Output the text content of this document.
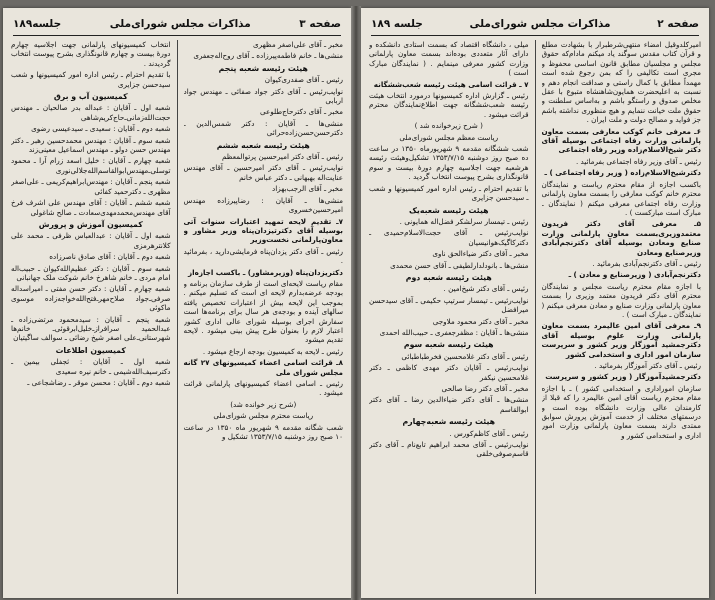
صفحه ۳
مذاکرات مجلس شورای‌ملی
جلسه۱۸۹

مخبر ـ آقای علی‌اصغر مظهری

منشی‌ها ـ خانم فاطمه‌پیرزاده ـ آقای روح‌اله‌جعفری

هیئت رئیسه شعبه پنجم

رئیس ـ آقای صفدری‌کیوان

نوایب‌رئیس ـ آقای دکتر جواد صفائی ـ مهندس جواد اربابی

مخبر ـ آقای دکترحاج‌طلوعی

منشی‌ها ـ آقایان : دکتر شمس‌الدین ـ دکترحسن‌حسن‌زاده‌حرائی

هیئت رئیسه شعبه ششم

رئیس ـ آقای دکتر امیرحسین پرتوالمعظم

نوایب‌رئیس ـ آقای دکتر امیرحسین ـ آقای مهندس عنایت‌اله بهبهانی ـ دکتر عباس خانم

مخبر ـ آقای الرجب‌بهزاد

منشی‌ها ـ آقایان : رضاپیرزاده مهندس امیرحسین‌خسروی

۷ـ تقدیم لایحه تمهید اعتبارات سنوات آتی بوسیله آقای دکترتیزدان‌پناه وزیر مشاور و معاون‌پارلمانی نخست‌وزیر

رئیس ـ آقای دکتر یزدان‌پناه فرمایشی‌دارید ، بفرمائید .

دکتریزدان‌پناه (وزیرمشاور) ـ باکسب اجازه‌از

مقام ریاست لایحه‌ای است از طرف سازمان برنامه و بودجه عرضه‌بدارم لایحه ای است که تسلیم میکنم . بموجب این لایحه بیش از اعتبارات تخصیص یافته سالهای آینده و بودجه‌ی هر سال برای برنامه‌ها است سفارش اجرای بوسیله شورای عالی اداری کشور اعتبار لازم را بعنوان طرح پیش بینی میشود . لایحه تقدیم میشود

رئیس ـ لایحه به کمیسیون بودجه ارجاع میشود .

۸ـ قرائت اسامی اعضاء کمیسیونهای ۲۷ گانه مجلس شورای ملی

رئیس ـ اسامی اعضاء کمیسیونهای پارلمانی قرائت میشود .

(شرح زیر خوانده شد)

ریاست محترم مجلس شورای‌ملی

شعب شگانه مقدمه ۹ شهریور ماه ۱۳۵۰ در ساعت ۱۰ صبح روز دوشنبه ۱۳۵۳/۷/۱۵ تشکیل و

انتخاب کمیسیونهای پارلمانی جهت اجلاسیه چهارم دورهٔ بیست و چهارم قانونگذاری بشرح پیوست انتخاب گردیدند .

با تقدیم احترام ـ رئیس اداره امور کمیسیونها و شعب سیدحسن جزایری

کمیسیون آب و برق

شعبه اول ـ آقایان : عبداله بدر صالحیان ـ مهندس حجت‌الله‌زمانی‌ـ‌حاج‌کریم‌شاهی

شعبه دوم ـ آقایان : سعیدی ـ سیدعیسی رضوی

شعبه سوم ـ آقایان : مهندس محمدحسین رهبر ـ دکتر مهندس حسن دولو ـ مهندس اسماعیل معینی‌زند

شعبه چهارم ـ آقایان : خلیل اسعد زرام آرا ـ محمود توسلی‌ـ‌مهندس‌ابوالقاسم‌الله‌جلالی‌نوری

شعبه پنجم ـ آقایان : مهندس‌ابراهیم‌کریمی ـ علی‌اصغر مظهری ـ دکترحمید کفائی

شعبه ششم ـ آقایان : آقای مهندس علی اشرف فرخ آقای مهندس‌محمدمهدی‌سعادت ـ صالح شاغولی

کمیسیون آموزش و پرورش

شعبه اول ـ آقایان : عبدالعباس ظرفی ـ محمد علی کلانترهرمزی

شعبه دوم ـ آقایان : آقای صادق ناصرزاده

شعبه سوم ـ آقایان : دکتر عظیم‌الله‌کیوان ـ حبیب‌اله امام مردی ـ خانم شاهرخ خانم شوکت ملک جهانبانی

شعبه چهارم ـ آقایان : دکتر حسن مفتی ـ امیراسداله صرفی‌ـ‌جواد صلاح‌مهر‌ـ‌فتح‌الله‌خواجه‌زاده موسوی ماکوئی

شعبه پنجم ـ آقایان : سیدمحمود مرتضی‌زاده ـ عبدالحمید سرافراز‌ـ‌خلیل‌ابرقوئی‌ـ خانم‌ها شهرستانی‌ـ‌علی اصغر شیخ رضائی ـ سوالف ساگیتیان

کمیسیون اطلاعات

شعبه اول ـ آقایان : ثجفلی بیمین ـ دکترسیف‌الله‌شیمی ـ خانم نیره سعیدی

شعبه دوم ـ آقایان : محسن موقر ـ رضاشجاعی ـ

صفحه ۲
مذاکرات مجلس شورای‌ملی
جلسه ۱۸۹

امیرکلدوقیل امضاء منتهی‌شرطبرار با بشهادت مطلع و قرآن کتاب مقدس سوگند یاد میکنم مادام‌که حقوق مجلس و مجلسیان مطابق قانون اساسی محفوظ و مجری است تکالیفی‌ را که بمن‌ رجوع شده است مهمداً مطابق‌ با کمال راستی‌ و صداقت انجام‌ دهم و نسبت‌ به‌ اعلیحضرت همایون‌شاهنشاه متبوع با عقل مخلص صدوق و راستگو باشم‌ و‌ به‌اساس‌ سلطنت و‌ حقوق‌ ملت‌ خیانت ننمایم و هیچ منظوری نداشته باشم جز فواید و مصالح دولت و ملت ایران .

۶ـ معرفی خانم کوکب معارفی بسمت معاون پارلمانی وزارت رفاه اجتماعی بوسیله آقای دکتر شیخ‌الاسلام‌زاده وزیر رفاه اجتماعی

رئیس ـ آقای وزیر رفاه اجتماعی بفرمائید .

دکترشیخ‌الاسلام‌زاده ( وزیر رفاه اجتماعی ) ـ

باکسب اجازه از مقام محترم ریاست و نمایندگان محترم خانم کوکب معارفی را بسمت معاون پارلمانی وزارت رفاه اجتماعی معرفی میکنم ( نمایندگان ـ مبارک است مبارکست ) .

۵ـ معرفی آقای دکتر فریدون معتمد‌وزیری‌بسمت معاون پارلمانی وزارت صنایع ومعادن بوسیله آقای دکترنجم‌آبادی وزیرصنایع ومعادن

رئیس ـ آقای دکترنجم‌آبادی بفرمائید .

دکترنجم‌آبادی ( وزیرصنایع و معادن ) ـ

با اجازه مقام محترم ریاست مجلس و نمایندگان محترم آقای دکتر فریدون معتمد وزیری را بسمت معاون پارلمانی وزارت صنایع و معادن معرفی میکنم ( نمایندگان ـ مبارک است ) .

۹ـ معرفی آقای امین عالیمرد بسمت معاون پارلمانی وزارت علوم بوسیله آقای دکترجمشید آموزگار وزیر کشور و سرپرست سازمان امور اداری و استخدامی کشور

رئیس ـ آقای دکتر آموزگار بفرمائید .

دکترجمشیدآموزگار ( وزیر کشور و سرپرست

سازمان امورادارى و استخدامى کشور ) ـ با اجازه مقام محترم ریاست آقای امین عالیمرد را که قبلا از کارمندان عالی وزارت دانشگاه بوده است و درسمتهای مختلف از خدمت آموزش‌ پرورش سوابق ممتدی دارند بسمت معاون پارلمانی وزارت امور اداری و استخدامی کشور و

میلی ، دانشگاه اقتصاد که بسمت استادی دانشکده و دارای آثار متعددی بوده‌اند بسمت معاون پارلمانی وزارت کشور معرفی مینمایم . ( نمایندگان مبارک است )

۷ ـ قرائت اسامی هیئت رئیسه شعب‌ششگانه

رئیس ـ گزارش اداره کمیسیونها درمورد انتخاب هیئت رئیسه شعب‌ششگانه جهت اطلاع‌نمایندگان محترم قرائت میشود .

( شرح زیرخوانده شد )

ریاست معظم مجلس شورای‌ملی

شعب ششگانه مقدمه ۹ شهریورماه ۱۳۵۰ در ساعت ده صبح روز دوشنبه ۱۳۵۳/۷/۱۵ تشکیل‌وهیئت رئیسه هرشعبه جهت اجلاسیه چهارم دورهٔ بیست و سوم قانونگذاری بشرح پیوست انتخاب گردید .

با تقدیم احترام ـ رئیس اداره امور کمیسیونها و شعب ـ سیدحسن جزایری

هیئت رئیسه شعبه‌یک

رئیس ـ تیمسار سرلشکر فضل‌اله همایونی .

نوایب‌رئیس ـ آقای حجت‌الاسلام‌حمیدی ـ دکترکاگیک‌هوانیسیان

مخبر ـ آقای دکتر ضیاءالحق ناوی

منشی‌ها ـ بانودلدار‌لطیفی ـ آقای حسن محمدی

هیئت رئیسه شعبه دوم

رئیس ـ آقای دکتر شیخ‌امین .

نوایب‌رئیس ـ تیمسار سرتیپ حکیمی ـ آقای سیدحسن میرافضل

مخبر ـ آقای دکتر محمود ملاوجی

منشی‌ها ـ آقایان : مظفرجعفری ـ حبیب‌الله احمدی

هیئت رئیسه شعبه سوم

رئیس ـ آقای دکتر غلامحسین فخرطباطبائی

نوایب‌رئیس ـ آقایان دکتر مهدی کاظمی ـ دکتر غلامحسین نیکفر

مخبر ـ آقای دکتر رضا صالحی

منشی‌ها ـ آقای دکتر ضیاءالدین رضا ـ آقای دکتر ابوالقاسم

هیئت رئیسه شعبه‌چهارم

رئیس ـ آقای کاظم‌کورس .

نوایب‌رئیس ـ آقای محمد ابراهیم تابع‌نام ـ آقای دکتر قاسم‌صوفی‌خلقی
